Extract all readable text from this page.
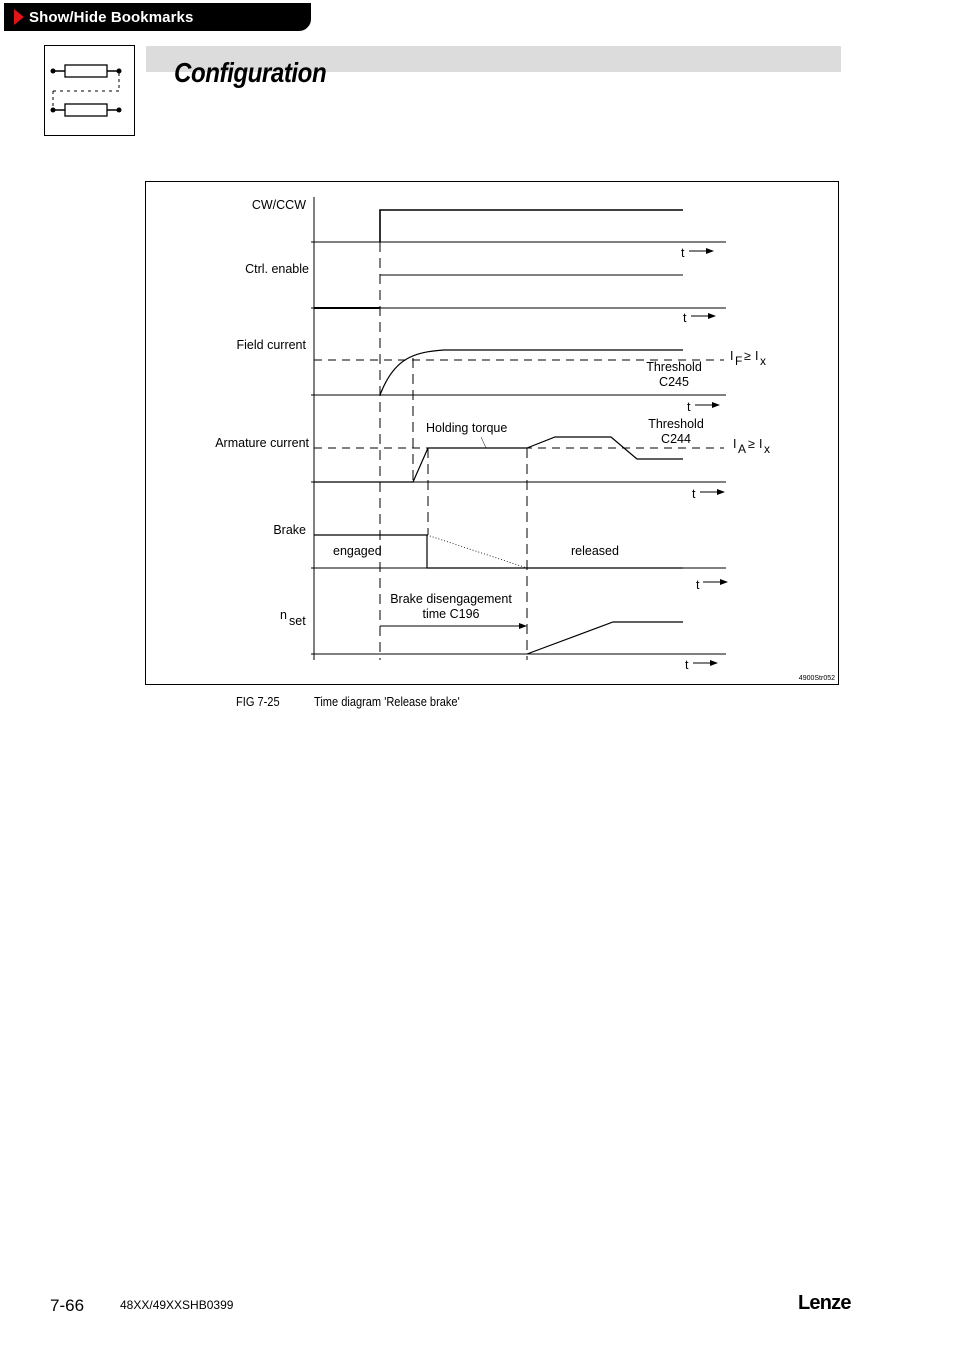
Show/Hide Bookmarks
Configuration
CW/CCW
Ctrl. enable
Field current
Armature current
Brake
n set
t
t
t
t
t
t
I F ≥ I x
I A ≥ I x
Threshold
C245
Threshold
C244
Holding torque
engaged	released
Brake disengagement
time C196
4900Str052
FIG 7-25	Time diagram 'Release brake'
7-66	48XX/49XXSHB0399	Lenze
